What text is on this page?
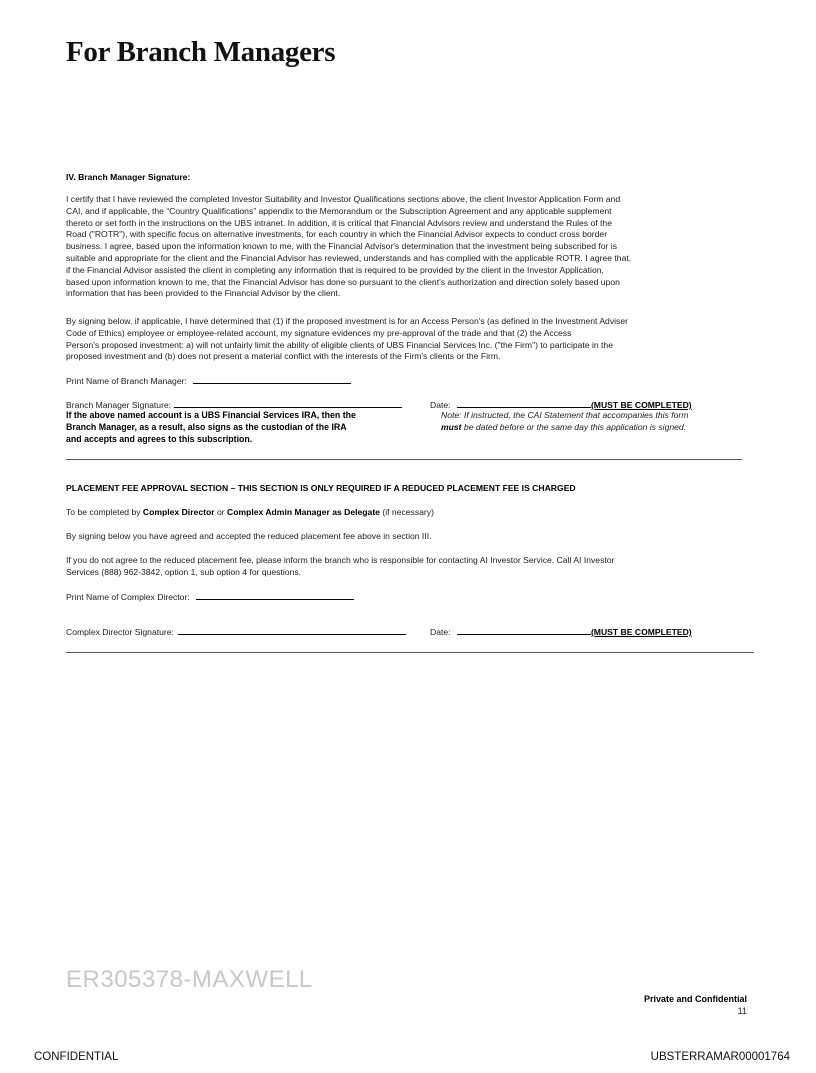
For Branch Managers
IV. Branch Manager Signature:
I certify that I have reviewed the completed Investor Suitability and Investor Qualifications sections above, the client Investor Application Form and
CAI, and if applicable, the “Country Qualifications” appendix to the Memorandum or the Subscription Agreement and any applicable supplement
thereto or set forth in the instructions on the UBS intranet. In addition, it is critical that Financial Advisors review and understand the Rules of the
Road ("ROTR"), with specific focus on alternative investments, for each country in which the Financial Advisor expects to conduct cross border
business. I agree, based upon the information known to me, with the Financial Advisor's determination that the investment being subscribed for is
suitable and appropriate for the client and the Financial Advisor has reviewed, understands and has complied with the applicable ROTR. I agree that,
if the Financial Advisor assisted the client in completing any information that is required to be provided by the client in the Investor Application,
based upon information known to me, that the Financial Advisor has done so pursuant to the client's authorization and direction solely based upon
information that has been provided to the Financial Advisor by the client.
By signing below, if applicable, I have determined that (1) if the proposed investment is for an Access Person's (as defined in the Investment Adviser
Code of Ethics) employee or employee-related account, my signature evidences my pre-approval of the trade and that (2) the Access
Person's proposed investment: a) will not unfairly limit the ability of eligible clients of UBS Financial Services Inc. ("the Firm") to participate in the
proposed investment and (b) does not present a material conflict with the interests of the Firm's clients or the Firm.
Print Name of Branch Manager:
Branch Manager Signature:
If the above named account is a UBS Financial Services IRA, then the
Branch Manager, as a result, also signs as the custodian of the IRA
and accepts and agrees to this subscription.
Date:	(MUST BE COMPLETED)
Note: If instructed, the CAI Statement that accompanies this form
must be dated before or the same day this application is signed.
PLACEMENT FEE APPROVAL SECTION – THIS SECTION IS ONLY REQUIRED IF A REDUCED PLACEMENT FEE IS CHARGED
To be completed by Complex Director or Complex Admin Manager as Delegate (if necessary)
By signing below you have agreed and accepted the reduced placement fee above in section III.
If you do not agree to the reduced placement fee, please inform the branch who is responsible for contacting AI Investor Service. Call AI Investor
Services (888) 962-3842, option 1, sub option 4 for questions.
Print Name of Complex Director:
Complex Director Signature:	Date:	(MUST BE COMPLETED)
ER305378-MAXWELL
Private and Confidential
11
CONFIDENTIAL	UBSTERRAMAR00001764
